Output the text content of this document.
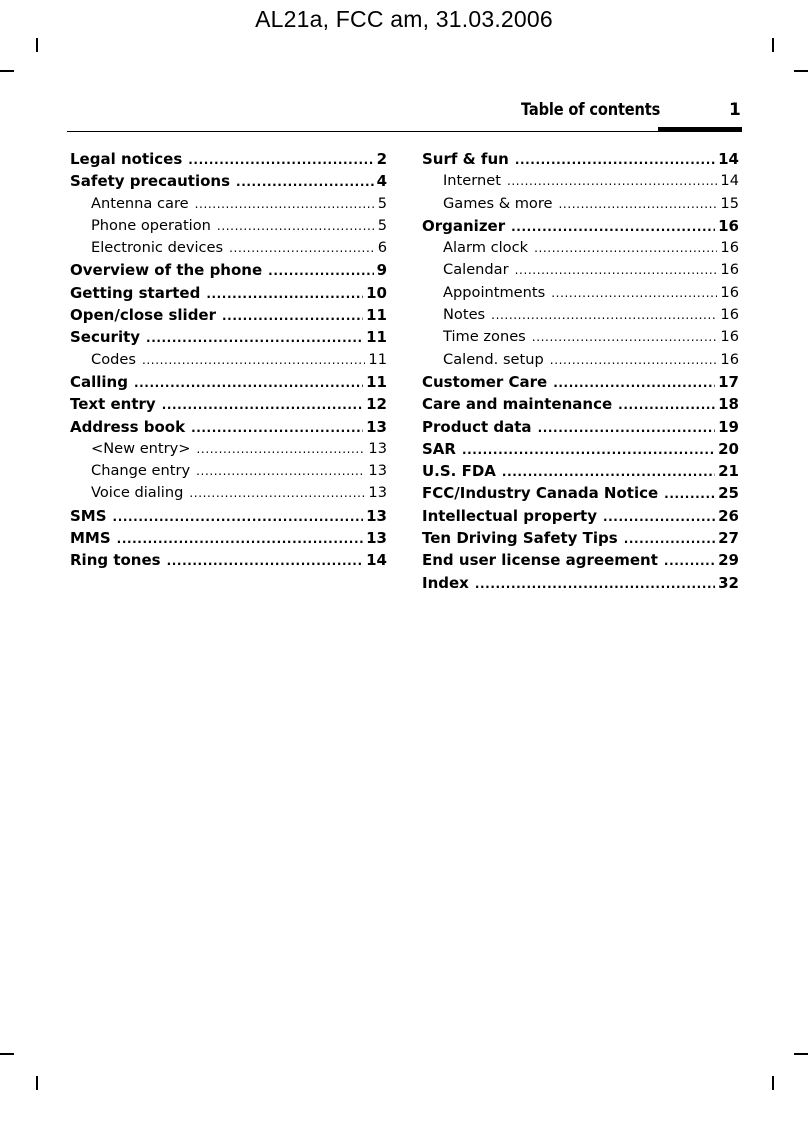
AL21a, FCC am, 31.03.2006
Table of contents	1
Legal notices .....	2
Safety precautions .....	4
Antenna care .....	5
Phone operation .....	5
Electronic devices .....	6
Overview of the phone .....	9
Getting started .....	10
Open/close slider .....	11
Security .....	11
Codes .....	11
Calling .....	11
Text entry .....	12
Address book .....	13
<New entry> .....	13
Change entry .....	13
Voice dialing .....	13
SMS .....	13
MMS .....	13
Ring tones .....	14
Surf & fun .....	14
Internet .....	14
Games & more .....	15
Organizer .....	16
Alarm clock .....	16
Calendar .....	16
Appointments .....	16
Notes .....	16
Time zones .....	16
Calend. setup .....	16
Customer Care .....	17
Care and maintenance .....	18
Product data .....	19
SAR .....	20
U.S. FDA .....	21
FCC/Industry Canada Notice .....	25
Intellectual property .....	26
Ten Driving Safety Tips .....	27
End user license agreement .....	29
Index .....	32
